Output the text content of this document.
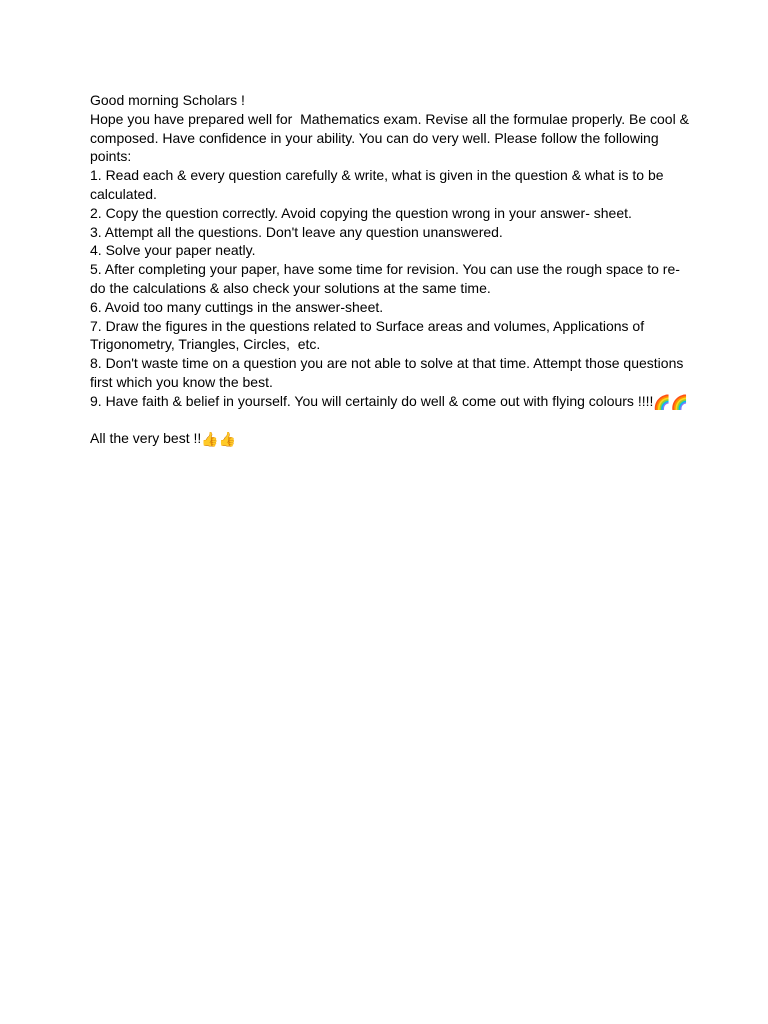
Good morning Scholars !
Hope you have prepared well for  Mathematics exam. Revise all the formulae properly. Be cool & composed. Have confidence in your ability. You can do very well. Please follow the following points:
1. Read each & every question carefully & write, what is given in the question & what is to be calculated.
2. Copy the question correctly. Avoid copying the question wrong in your answer- sheet.
3. Attempt all the questions. Don't leave any question unanswered.
4. Solve your paper neatly.
5. After completing your paper, have some time for revision. You can use the rough space to re-do the calculations & also check your solutions at the same time.
6. Avoid too many cuttings in the answer-sheet.
7. Draw the figures in the questions related to Surface areas and volumes, Applications of Trigonometry, Triangles, Circles,  etc.
8. Don't waste time on a question you are not able to solve at that time. Attempt those questions first which you know the best.
9. Have faith & belief in yourself. You will certainly do well & come out with flying colours !!!!🌈🌈
All the very best !!👍👍
